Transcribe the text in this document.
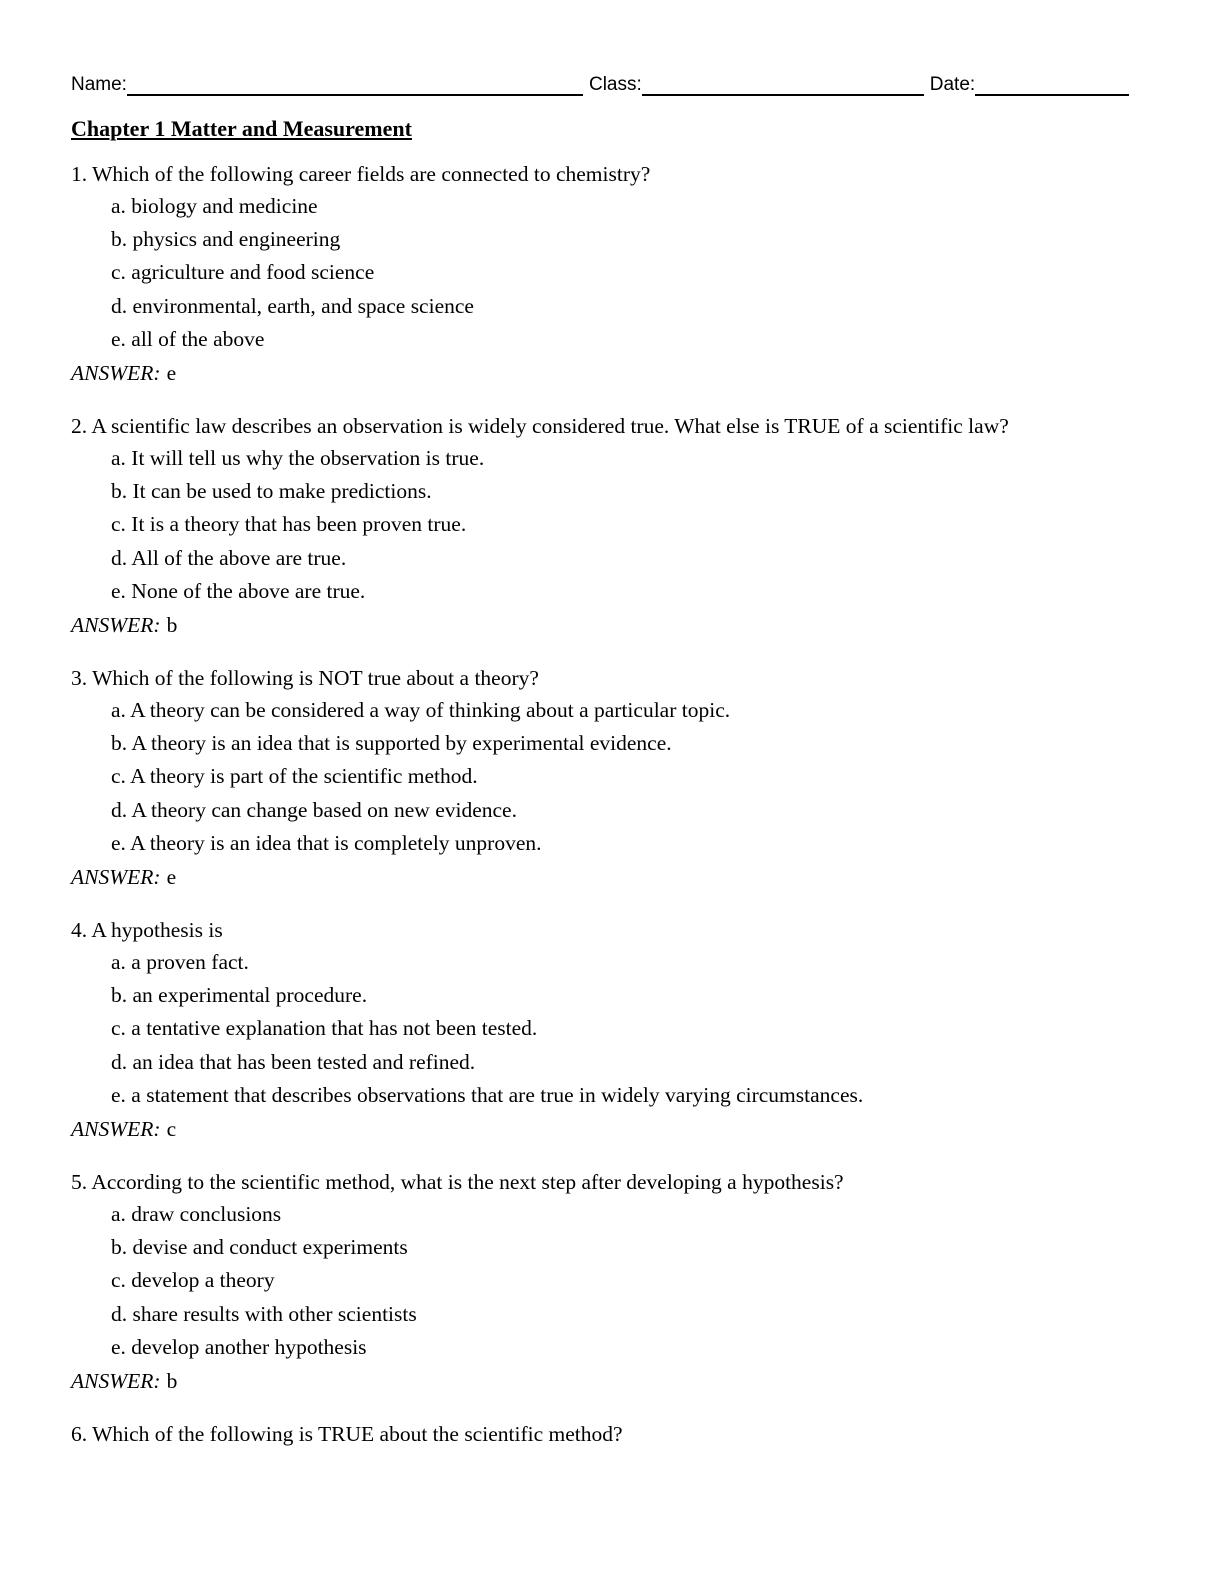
Name:	Class:	Date:
Chapter 1 Matter and Measurement
1. Which of the following career fields are connected to chemistry?
a. biology and medicine
b. physics and engineering
c. agriculture and food science
d. environmental, earth, and space science
e. all of the above
ANSWER: e
2. A scientific law describes an observation is widely considered true. What else is TRUE of a scientific law?
a. It will tell us why the observation is true.
b. It can be used to make predictions.
c. It is a theory that has been proven true.
d. All of the above are true.
e. None of the above are true.
ANSWER: b
3. Which of the following is NOT true about a theory?
a. A theory can be considered a way of thinking about a particular topic.
b. A theory is an idea that is supported by experimental evidence.
c. A theory is part of the scientific method.
d. A theory can change based on new evidence.
e. A theory is an idea that is completely unproven.
ANSWER: e
4. A hypothesis is
a. a proven fact.
b. an experimental procedure.
c. a tentative explanation that has not been tested.
d. an idea that has been tested and refined.
e. a statement that describes observations that are true in widely varying circumstances.
ANSWER: c
5. According to the scientific method, what is the next step after developing a hypothesis?
a. draw conclusions
b. devise and conduct experiments
c. develop a theory
d. share results with other scientists
e. develop another hypothesis
ANSWER: b
6. Which of the following is TRUE about the scientific method?
